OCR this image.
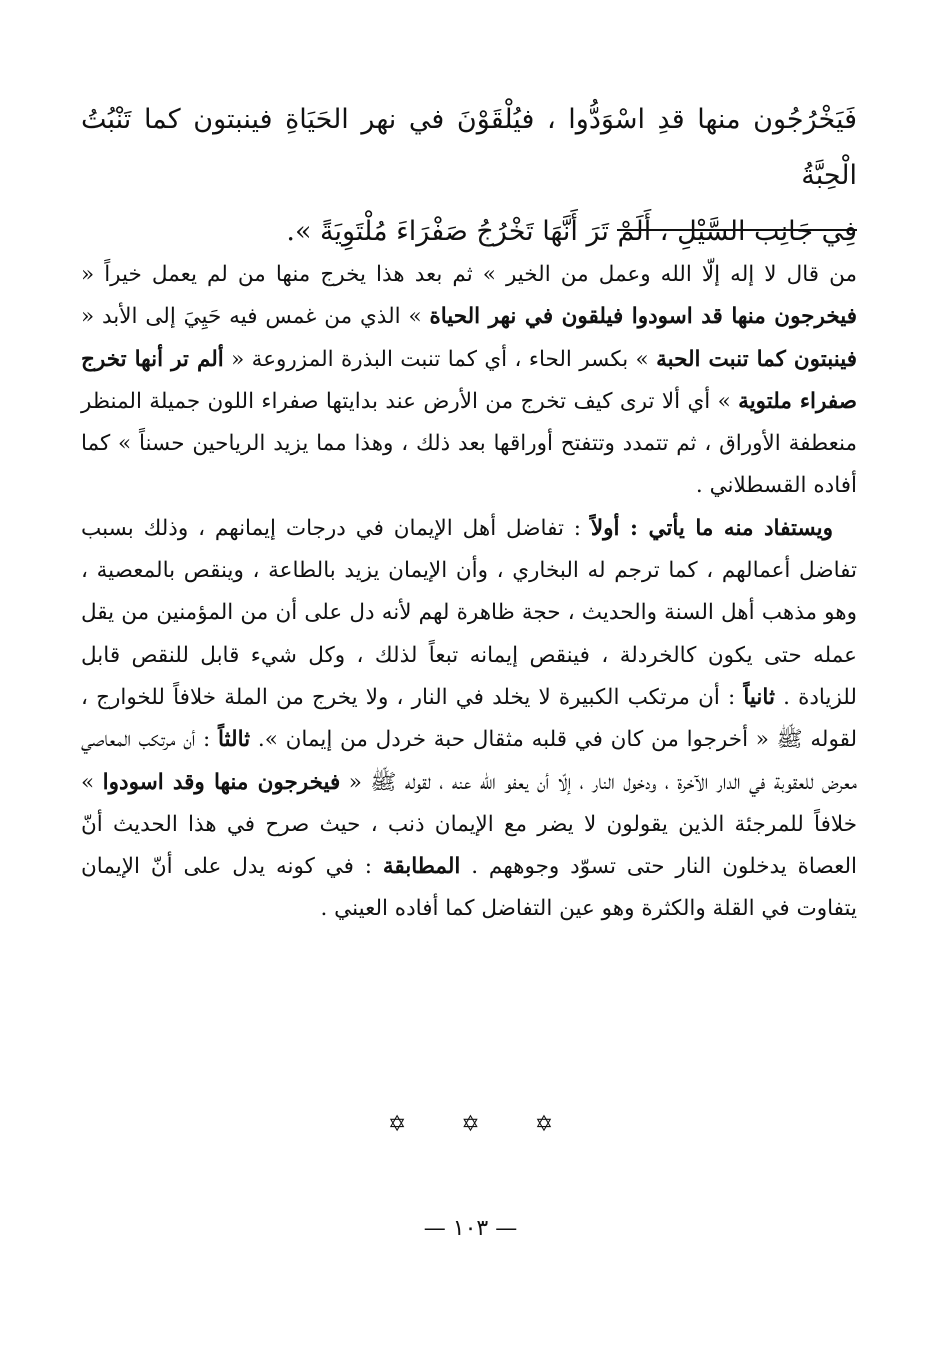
فَيَخْرُجُون منها قدِ اسْوَدُّوا ، فيُلْقَوْنَ في نهر الحَيَاةِ فينبتون كما تَنْبُتُ الْحِبَّةُ
فِي جَانِب السَّيْلِ ، أَلَمْ تَرَ أَنَّهَا تَخْرُجُ صَفْرَاءَ مُلْتَوِيَةً ».

من قال لا إله إلّا الله وعمل من الخير » ثم بعد هذا يخرج منها من لم يعمل خيراً « فيخرجون منها قد اسودوا فيلقون في نهر الحياة » الذي من غمس فيه حَيِيَ إلى الأبد « فينبتون كما تنبت الحبة » بكسر الحاء ، أي كما تنبت البذرة المزروعة « ألم تر أنها تخرج صفراء ملتوية » أي ألا ترى كيف تخرج من الأرض عند بدايتها صفراء اللون جميلة المنظر منعطفة الأوراق ، ثم تتمدد وتتفتح أوراقها بعد ذلك ، وهذا مما يزيد الرياحين حسناً » كما أفاده القسطلاني .

ويستفاد منه ما يأتي : أولاً : تفاضل أهل الإيمان في درجات إيمانهم ، وذلك بسبب تفاضل أعمالهم ، كما ترجم له البخاري ، وأن الإيمان يزيد بالطاعة ، وينقص بالمعصية ، وهو مذهب أهل السنة والحديث ، حجة ظاهرة لهم لأنه دل على أن من المؤمنين من يقل عمله حتى يكون كالخردلة ، فينقص إيمانه تبعاً لذلك ، وكل شيء قابل للنقص قابل للزيادة . ثانياً : أن مرتكب الكبيرة لا يخلد في النار ، ولا يخرج من الملة خلافاً للخوارج ، لقوله ﷺ « أخرجوا من كان في قلبه مثقال حبة خردل من إيمان ». ثالثاً : أن مرتكب المعاصي معرض للعقوبة في الدار الآخرة ، ودخول النار ، إلّا أن يعفو الله عنه ، لقوله ﷺ « فيخرجون منها وقد اسودوا » خلافاً للمرجئة الذين يقولون لا يضر مع الإيمان ذنب ، حيث صرح في هذا الحديث أنّ العصاة يدخلون النار حتى تسوّد وجوههم . المطابقة : في كونه يدل على أنّ الإيمان يتفاوت في القلة والكثرة وهو عين التفاضل كما أفاده العيني .

✡ ✡ ✡
— ١٠٣ —
